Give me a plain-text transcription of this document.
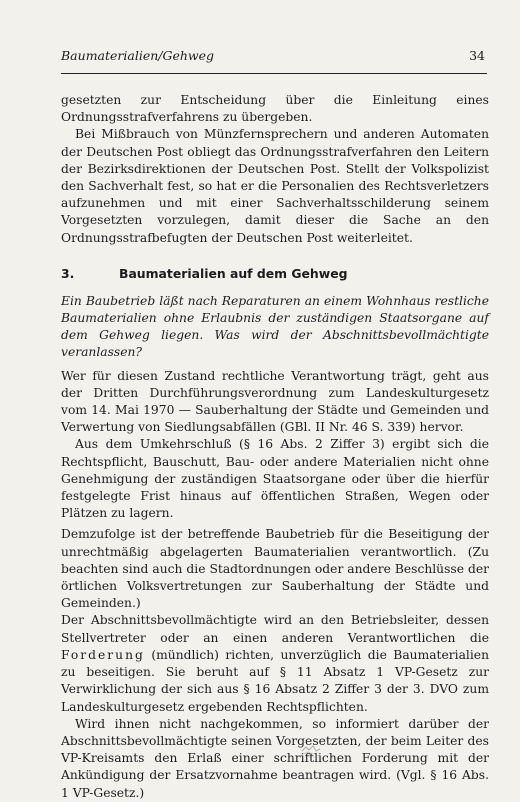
Baumaterialien/Gehweg	34

gesetzten zur Entscheidung über die Einleitung eines Ordnungsstrafverfahrens zu übergeben.

Bei Mißbrauch von Münzfernsprechern und anderen Automaten der Deutschen Post obliegt das Ordnungsstrafverfahren den Leitern der Bezirksdirektionen der Deutschen Post. Stellt der Volkspolizist den Sachverhalt fest, so hat er die Personalien des Rechtsverletzers aufzunehmen und mit einer Sachverhaltsschilderung seinem Vorgesetzten vorzulegen, damit dieser die Sache an den Ordnungsstrafbefugten der Deutschen Post weiterleitet.

3.	Baumaterialien auf dem Gehweg

Ein Baubetrieb läßt nach Reparaturen an einem Wohnhaus restliche Baumaterialien ohne Erlaubnis der zuständigen Staatsorgane auf dem Gehweg liegen. Was wird der Abschnittsbevollmächtigte veranlassen?

Wer für diesen Zustand rechtliche Verantwortung trägt, geht aus der Dritten Durchführungsverordnung zum Landeskulturgesetz vom 14. Mai 1970 — Sauberhaltung der Städte und Gemeinden und Verwertung von Siedlungsabfällen (GBl. II Nr. 46 S. 339) hervor.

Aus dem Umkehrschluß (§ 16 Abs. 2 Ziffer 3) ergibt sich die Rechtspflicht, Bauschutt, Bau- oder andere Materialien nicht ohne Genehmigung der zuständigen Staatsorgane oder über die hierfür festgelegte Frist hinaus auf öffentlichen Straßen, Wegen oder Plätzen zu lagern.

Demzufolge ist der betreffende Baubetrieb für die Beseitigung der unrechtmäßig abgelagerten Baumaterialien verantwortlich. (Zu beachten sind auch die Stadtordnungen oder andere Beschlüsse der örtlichen Volksvertretungen zur Sauberhaltung der Städte und Gemeinden.)

Der Abschnittsbevollmächtigte wird an den Betriebsleiter, dessen Stellvertreter oder an einen anderen Verantwortlichen die Forderung (mündlich) richten, unverzüglich die Baumaterialien zu beseitigen. Sie beruht auf § 11 Absatz 1 VP-Gesetz zur Verwirklichung der sich aus § 16 Absatz 2 Ziffer 3 der 3. DVO zum Landeskulturgesetz ergebenden Rechtspflichten.

Wird ihnen nicht nachgekommen, so informiert darüber der Abschnittsbevollmächtigte seinen Vorgesetzten, der beim Leiter des VP-Kreisamts den Erlaß einer schriftlichen Forderung mit der Ankündigung der Ersatzvornahme beantragen wird. (Vgl. § 16 Abs. 1 VP-Gesetz.)
